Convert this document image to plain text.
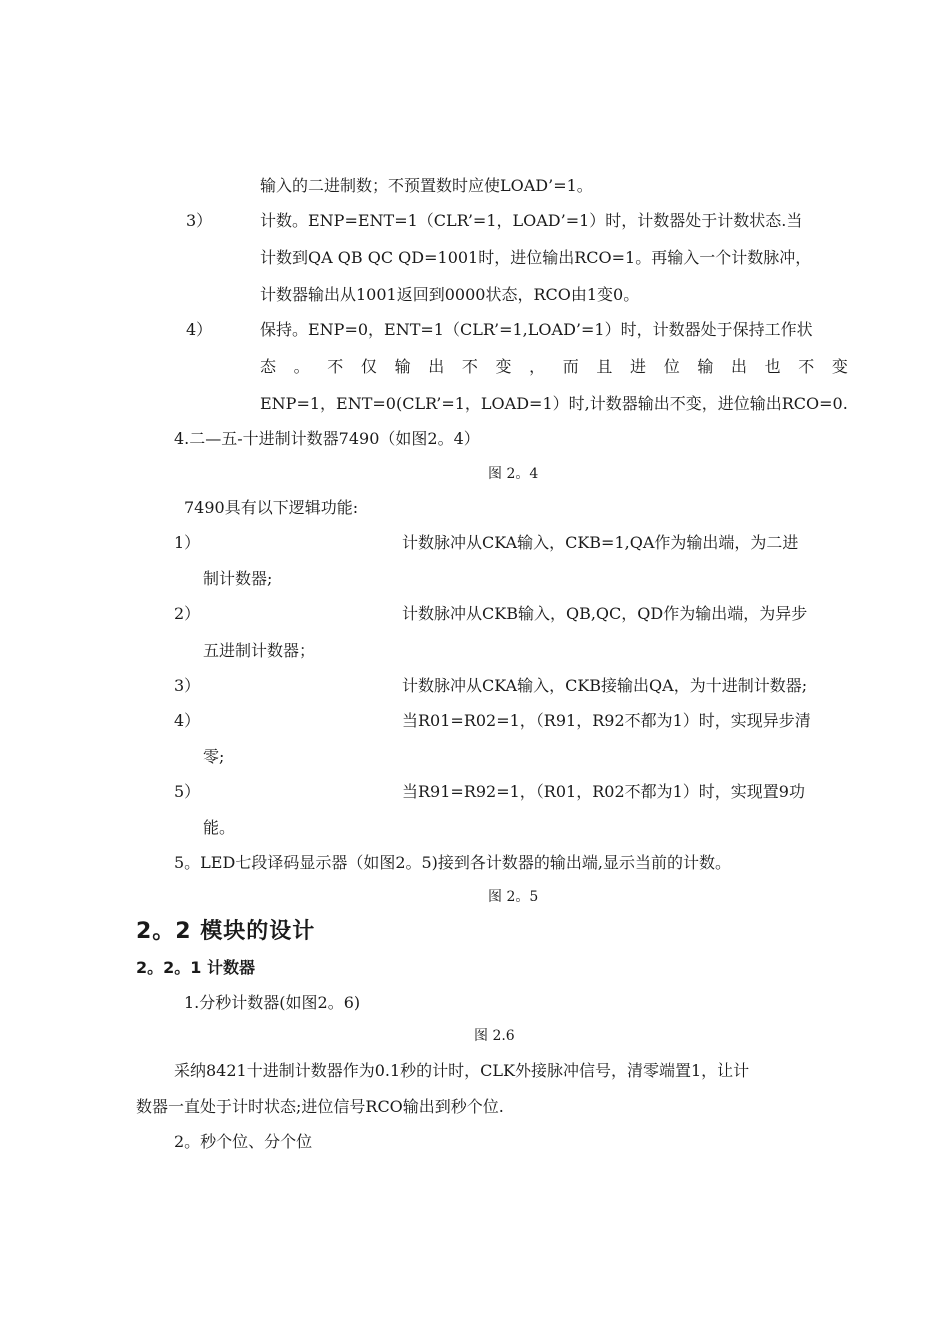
输入的二进制数；不预置数时应使LOAD’=1。
3）	计数。ENP=ENT=1（CLR’=1，LOAD’=1）时，计数器处于计数状态.当
计数到QA QB QC QD=1001时，进位输出RCO=1。再输入一个计数脉冲，
计数器输出从1001返回到0000状态，RCO由1变0。
4）	保持。ENP=0，ENT=1（CLR’=1,LOAD’=1）时，计数器处于保持工作状
态 。 不 仅 输 出 不 变 ， 而 且 进 位 输 出 也 不 变
ENP=1，ENT=0(CLR’=1，LOAD=1）时,计数器输出不变，进位输出RCO=0.
4.二—五-十进制计数器7490（如图2。4）
图 2。4
7490具有以下逻辑功能:
1）	计数脉冲从CKA输入，CKB=1,QA作为输出端，为二进
制计数器;
2）	计数脉冲从CKB输入，QB,QC，QD作为输出端，为异步
五进制计数器；
3）	计数脉冲从CKA输入，CKB接输出QA，为十进制计数器;
4）	当R01=R02=1，（R91，R92不都为1）时，实现异步清
零;
5）	当R91=R92=1，（R01，R02不都为1）时，实现置9功
能。
5。LED七段译码显示器（如图2。5)接到各计数器的输出端,显示当前的计数。
图 2。5
2。2 模块的设计
2。2。1 计数器
1.分秒计数器(如图2。6)
图 2.6
采纳8421十进制计数器作为0.1秒的计时，CLK外接脉冲信号，清零端置1，让计
数器一直处于计时状态;进位信号RCO输出到秒个位.
2。秒个位、分个位
